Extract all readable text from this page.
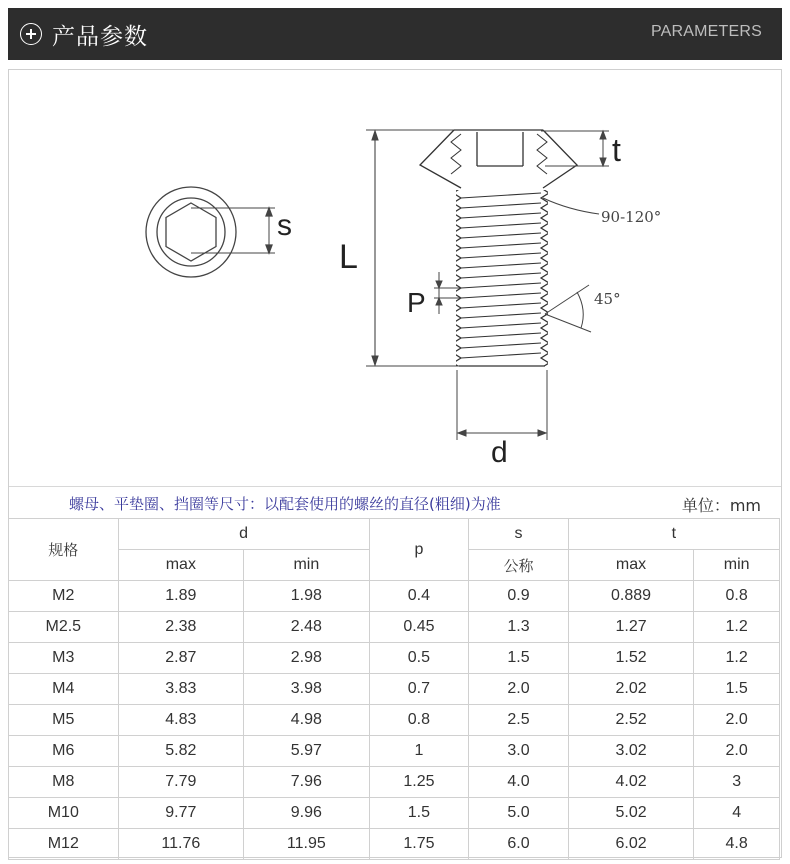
产品参数	PARAMETERS
s
L
t
90-120°
P	45°
d
螺母、平垫圈、挡圈等尺寸：以配套使用的螺丝的直径(粗细)为准	单位：mm
规格	d		p	s	t	
	max	min		公称	max	min
M2	1.89	1.98	0.4	0.9	0.889	0.8
M2.5	2.38	2.48	0.45	1.3	1.27	1.2
M3	2.87	2.98	0.5	1.5	1.52	1.2
M4	3.83	3.98	0.7	2.0	2.02	1.5
M5	4.83	4.98	0.8	2.5	2.52	2.0
M6	5.82	5.97	1	3.0	3.02	2.0
M8	7.79	7.96	1.25	4.0	4.02	3
M10	9.77	9.96	1.5	5.0	5.02	4
M12	11.76	11.95	1.75	6.0	6.02	4.8
